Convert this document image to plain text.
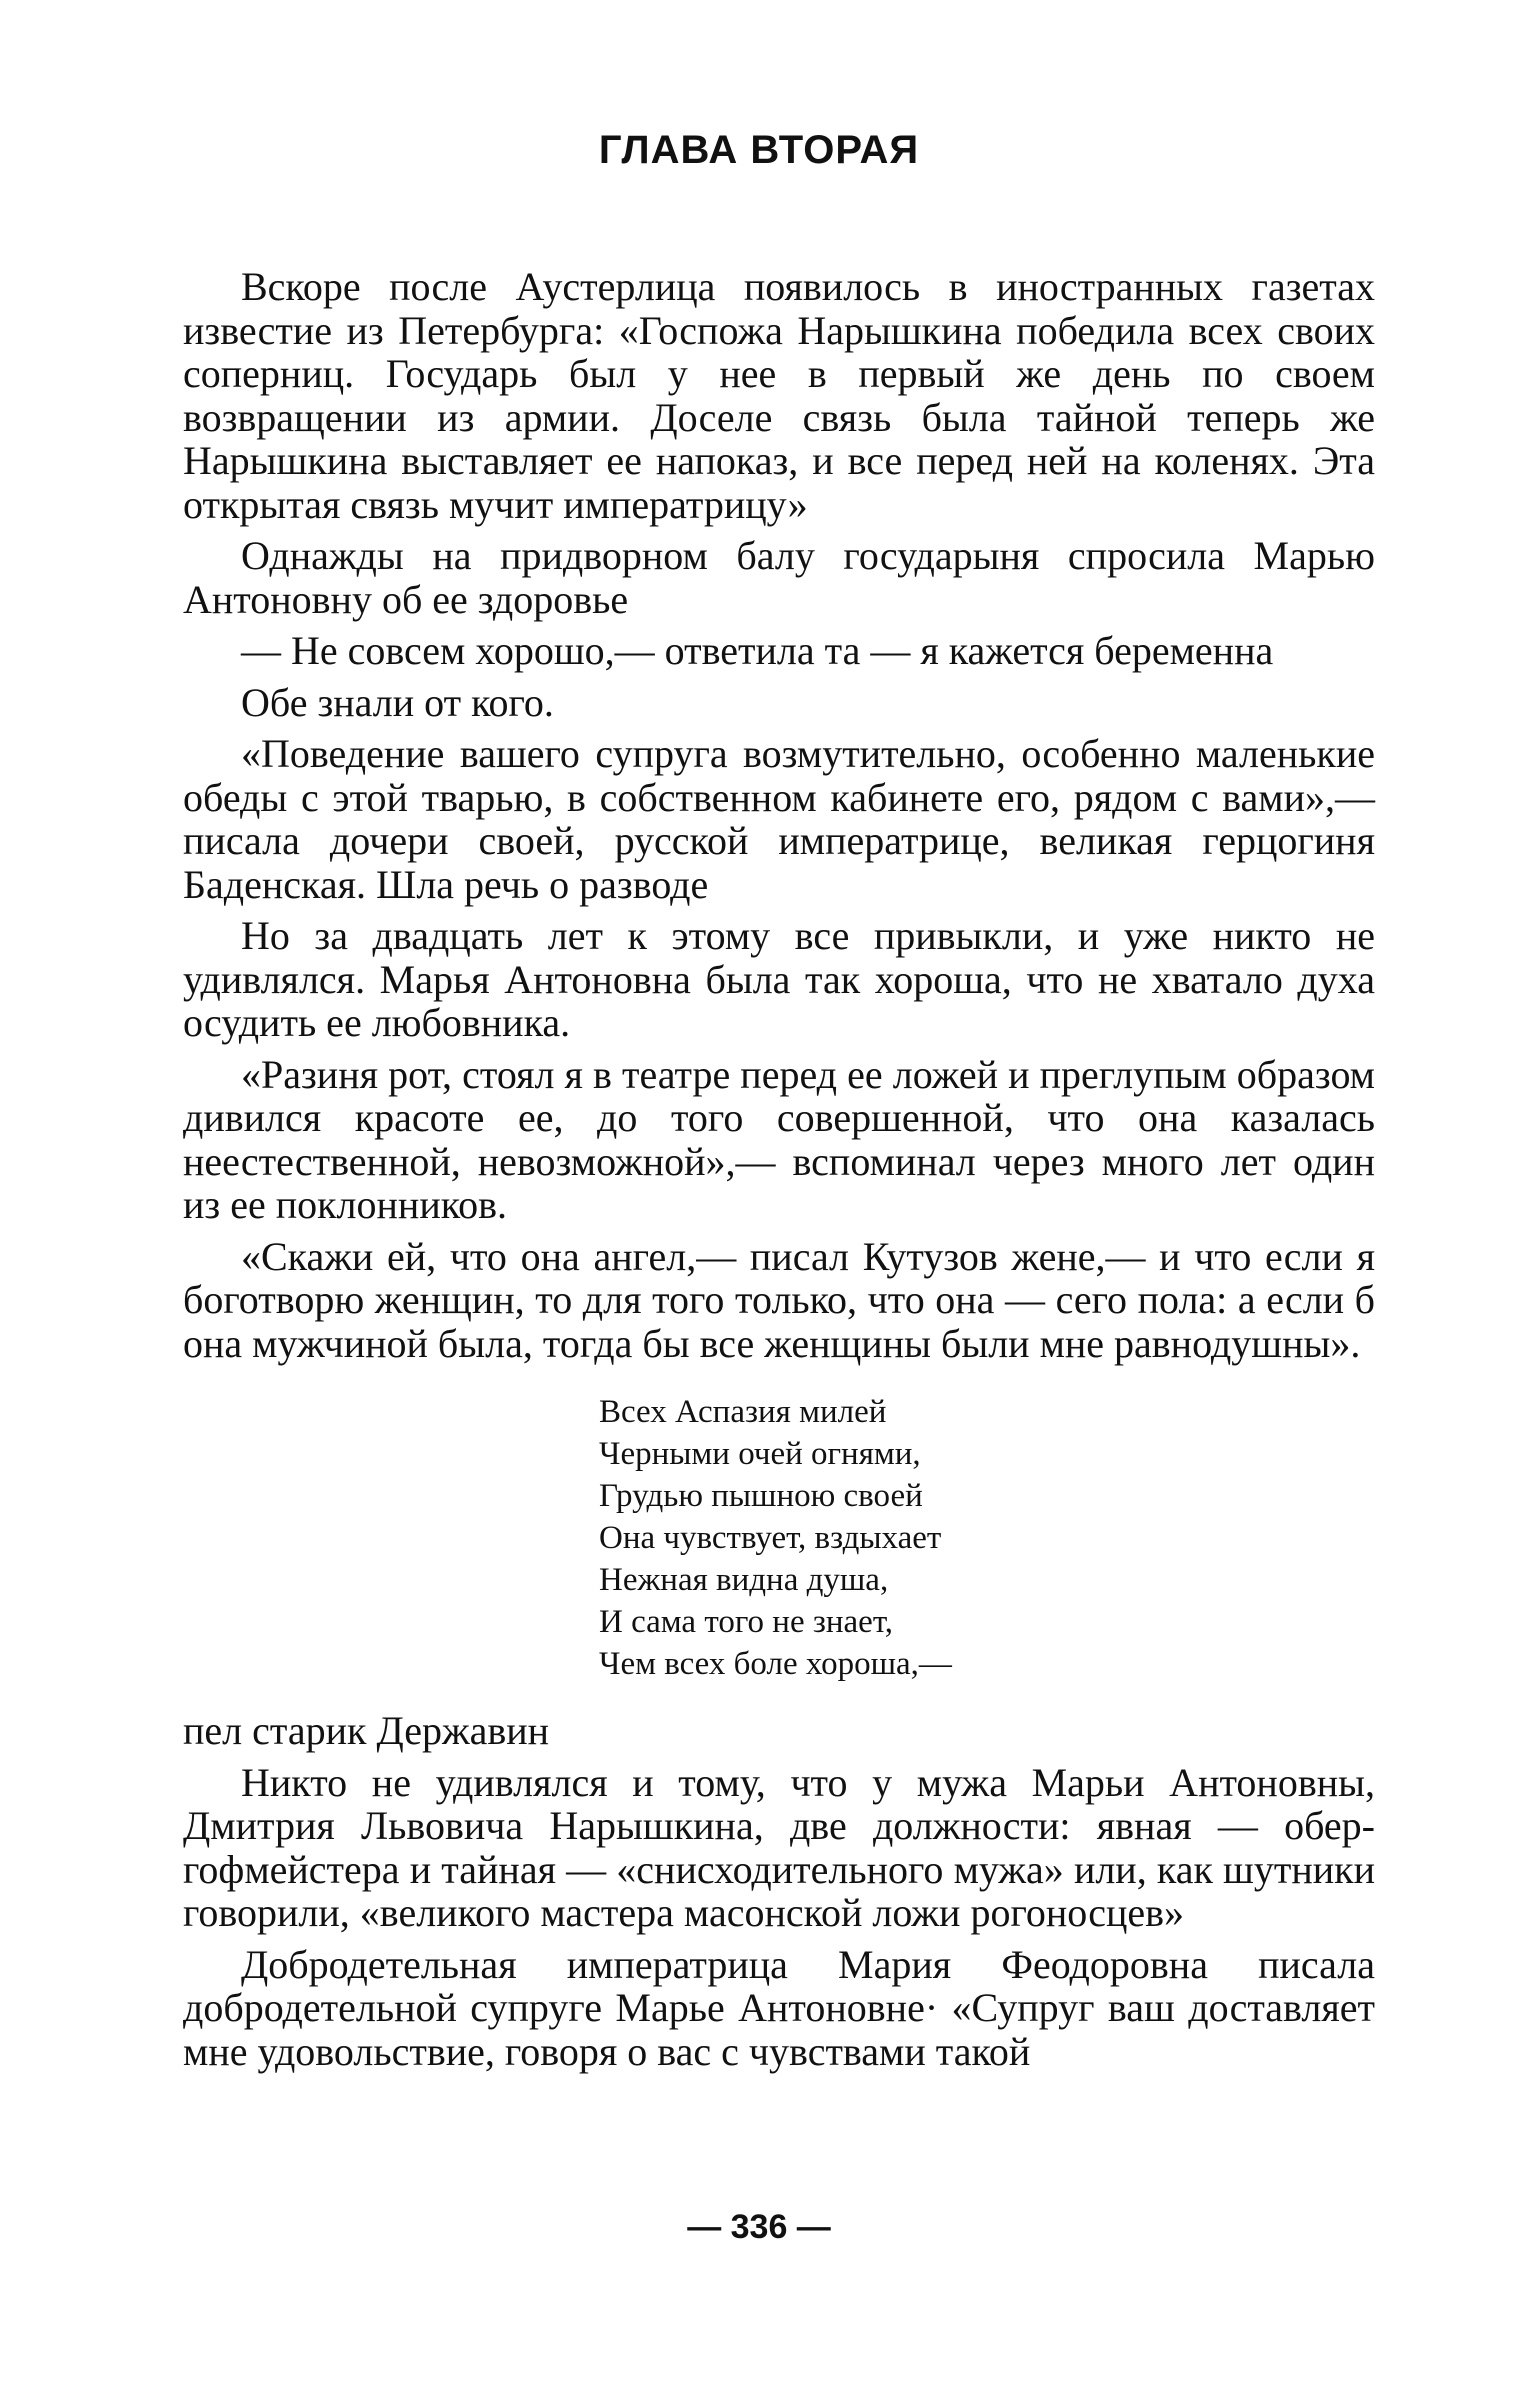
ГЛАВА ВТОРАЯ

Вскоре после Аустерлица появилось в иностранных газетах известие из Петербурга: «Госпожа Нарышкина победила всех своих соперниц. Государь был у нее в первый же день по своем возвращении из армии. Доселе связь была тайной теперь же Нарышкина выставляет ее напоказ, и все перед ней на коленях. Эта открытая связь мучит императрицу»

Однажды на придворном балу государыня спросила Марью Антоновну об ее здоровье

— Не совсем хорошо,— ответила та — я кажется беременна

Обе знали от кого.

«Поведение вашего супруга возмутительно, особенно маленькие обеды с этой тварью, в собственном кабинете его, рядом с вами»,— писала дочери своей, русской императрице, великая герцогиня Баденская. Шла речь о разводе

Но за двадцать лет к этому все привыкли, и уже никто не удивлялся. Марья Антоновна была так хороша, что не хватало духа осудить ее любовника.

«Разиня рот, стоял я в театре перед ее ложей и преглупым образом дивился красоте ее, до того совершенной, что она казалась неестественной, невозможной»,— вспоминал через много лет один из ее поклонников.

«Скажи ей, что она ангел,— писал Кутузов жене,— и что если я боготворю женщин, то для того только, что она — сего пола: а если б она мужчиной была, тогда бы все женщины были мне равнодушны».

Всех Аспазия милей
Черными очей огнями,
Грудью пышною своей
Она чувствует, вздыхает
Нежная видна душа,
И сама того не знает,
Чем всех боле хороша,—

пел старик Державин

Никто не удивлялся и тому, что у мужа Марьи Антоновны, Дмитрия Львовича Нарышкина, две должности: явная — обер-гофмейстера и тайная — «снисходительного мужа» или, как шутники говорили, «великого мастера масонской ложи рогоносцев»

Добродетельная императрица Мария Феодоровна писала добродетельной супруге Марье Антоновне· «Супруг ваш доставляет мне удовольствие, говоря о вас с чувствами такой

— 336 —
